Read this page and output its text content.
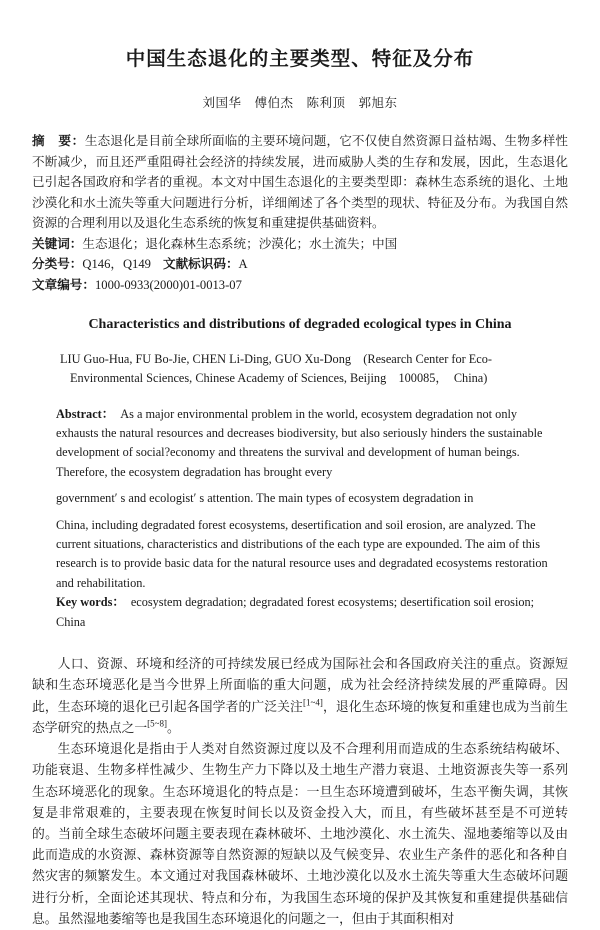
中国生态退化的主要类型、特征及分布
刘国华　傅伯杰　陈利顶　郭旭东
摘　要：生态退化是目前全球所面临的主要环境问题，它不仅使自然资源日益枯竭、生物多样性不断减少，而且还严重阻碍社会经济的持续发展，进而威胁人类的生存和发展，因此，生态退化已引起各国政府和学者的重视。本文对中国生态退化的主要类型即：森林生态系统的退化、土地沙漠化和水土流失等重大问题进行分析，详细阐述了各个类型的现状、特征及分布。为我国自然资源的合理利用以及退化生态系统的恢复和重建提供基础资料。
关键词：生态退化；退化森林生态系统；沙漠化；水土流失；中国
分类号：Q146，Q149 文献标识码：A
文章编号：1000-0933(2000)01-0013-07
Characteristics and distributions of degraded ecological types in China
LIU Guo-Hua, FU Bo-Jie, CHEN Li-Ding, GUO Xu-Dong　(Research Center for Eco-
Environmental Sciences, Chinese Academy of Sciences, Beijing　100085，　China)

Abstract： As a major environmental problem in the world, ecosystem degradation not only exhausts the natural resources and decreases biodiversity, but also seriously hinders the sustainable development of social?economy and threatens the survival and development of human beings. Therefore, the ecosystem degradation has brought every

government′ s and ecologist′ s attention. The main types of ecosystem degradation in

China, including degradated forest ecosystems, desertification and soil erosion, are analyzed. The current situations, characteristics and distributions of the each type are expounded. The aim of this research is to provide basic data for the natural resource uses and degradated ecosystems restoration and rehabilitation.

Key words： ecosystem degradation; degradated forest ecosystems; desertification soil erosion; China

人口、资源、环境和经济的可持续发展已经成为国际社会和各国政府关注的重点。资源短缺和生态环境恶化是当今世界上所面临的重大问题，成为社会经济持续发展的严重障碍。因此，生态环境的退化已引起各国学者的广泛关注[1~4]，退化生态环境的恢复和重建也成为当前生态学研究的热点之一[5~8]。

生态环境退化是指由于人类对自然资源过度以及不合理利用而造成的生态系统结构破坏、功能衰退、生物多样性减少、生物生产力下降以及土地生产潜力衰退、土地资源丧失等一系列生态环境恶化的现象。生态环境退化的特点是：一旦生态环境遭到破坏，生态平衡失调，其恢复是非常艰难的，主要表现在恢复时间长以及资金投入大，而且，有些破坏甚至是不可逆转的。当前全球生态破坏问题主要表现在森林破坏、土地沙漠化、水土流失、湿地萎缩等以及由此而造成的水资源、森林资源等自然资源的短缺以及气候变异、农业生产条件的恶化和各种自然灾害的频繁发生。本文通过对我国森林破坏、土地沙漠化以及水土流失等重大生态破坏问题进行分析，全面论述其现状、特点和分布，为我国生态环境的保护及其恢复和重建提供基础信息。虽然湿地萎缩等也是我国生态环境退化的问题之一，但由于其面积相对
